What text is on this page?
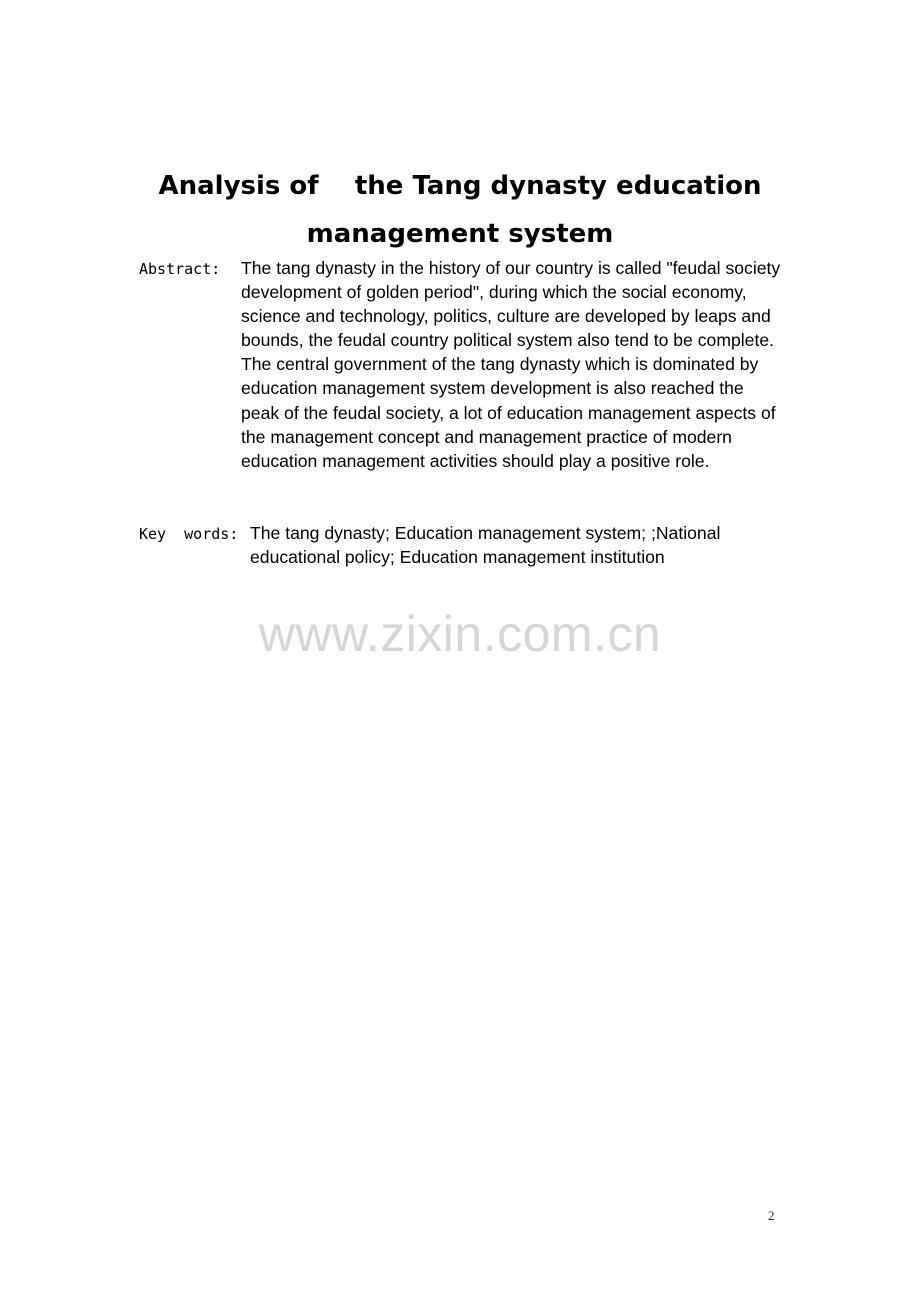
Analysis of    the Tang dynasty education
management system
Abstract: The tang dynasty in the history of our country is called "feudal society development of golden period", during which the social economy, science and technology, politics, culture are developed by leaps and bounds, the feudal country political system also tend to be complete. The central government of the tang dynasty which is dominated by education management system development is also reached the peak of the feudal society, a lot of education management aspects of the management concept and management practice of modern education management activities should play a positive role.
Key  words: The tang dynasty; Education management system; ;National educational policy; Education management institution
www.zixin.com.cn
2
